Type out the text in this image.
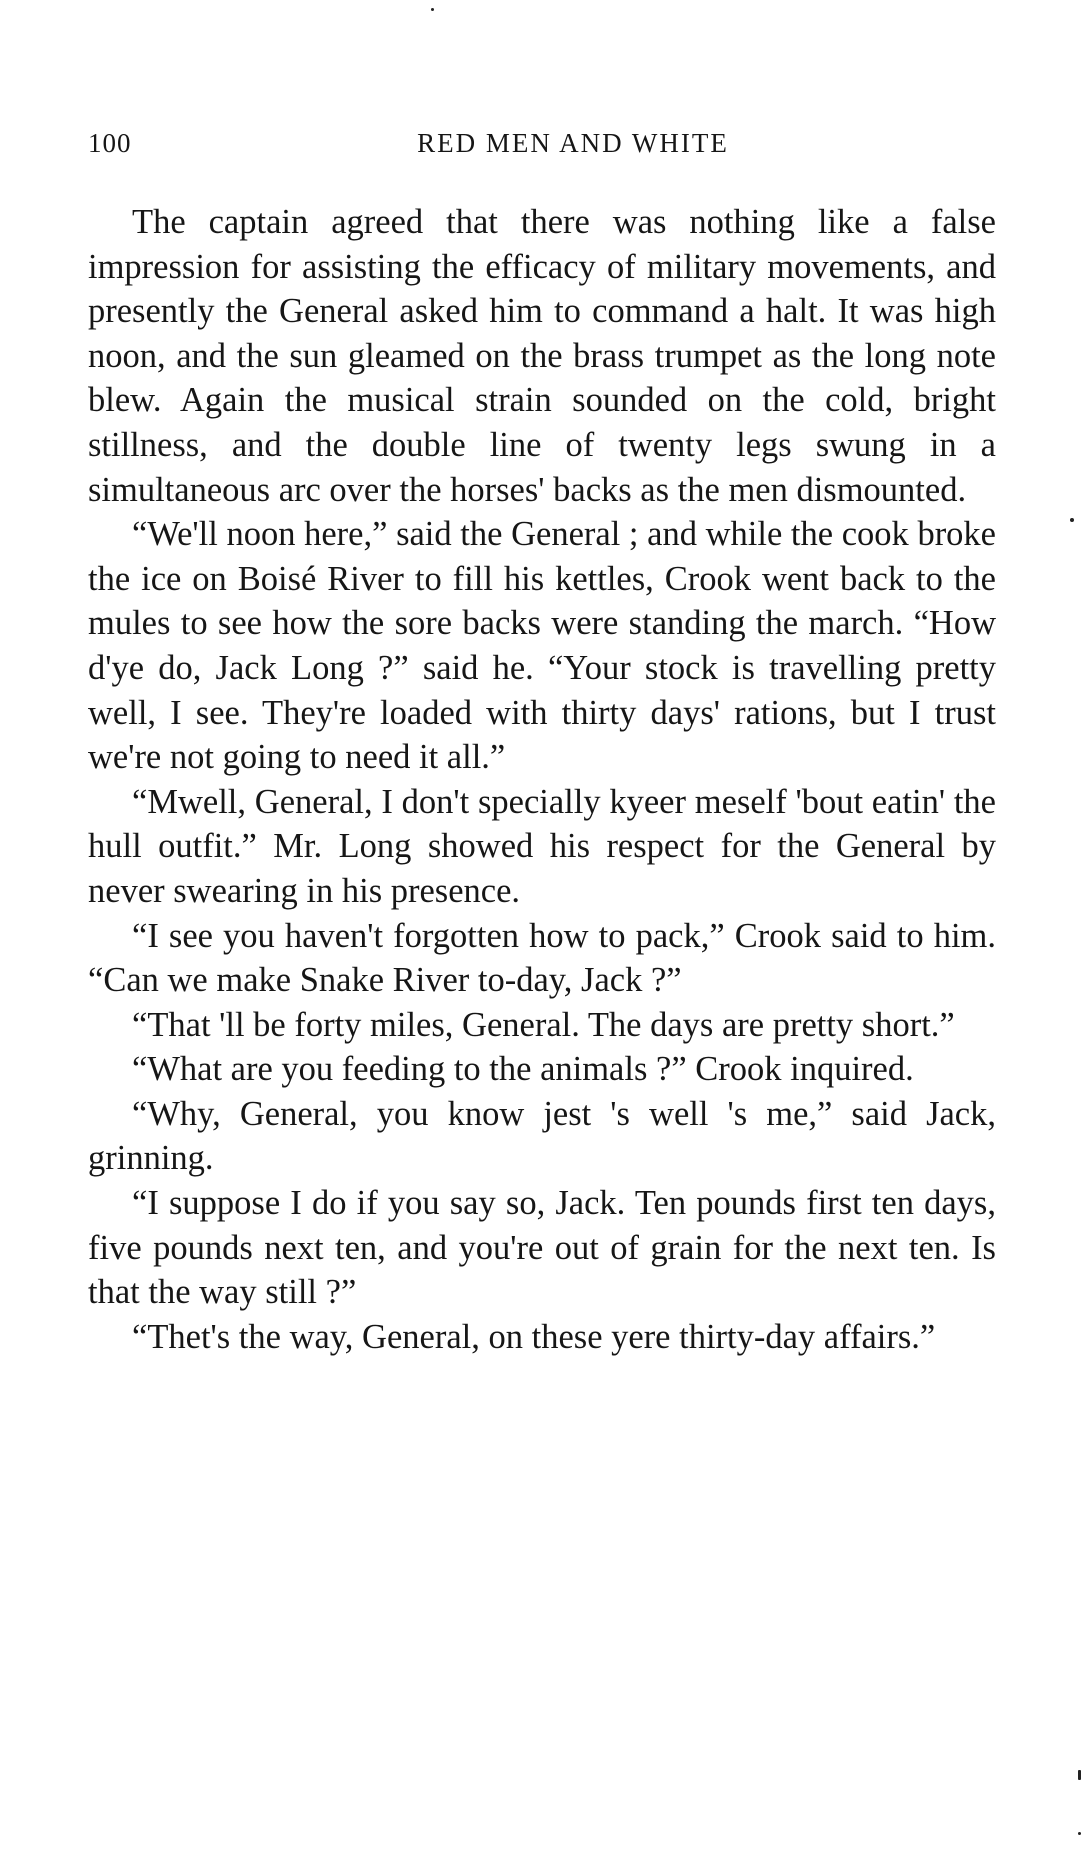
100	RED MEN AND WHITE

The captain agreed that there was nothing like a false impression for assisting the efficacy of military movements, and presently the General asked him to command a halt. It was high noon, and the sun gleamed on the brass trumpet as the long note blew. Again the musical strain sounded on the cold, bright stillness, and the double line of twenty legs swung in a simultaneous arc over the horses' backs as the men dismounted.

“We'll noon here,” said the General ; and while the cook broke the ice on Boisé River to fill his kettles, Crook went back to the mules to see how the sore backs were standing the march. “How d'ye do, Jack Long ?” said he. “Your stock is travelling pretty well, I see. They're loaded with thirty days' rations, but I trust we're not going to need it all.”

“Mwell, General, I don't specially kyeer meself 'bout eatin' the hull outfit.” Mr. Long showed his respect for the General by never swearing in his presence.

“I see you haven't forgotten how to pack,” Crook said to him. “Can we make Snake River to-day, Jack ?”

“That 'll be forty miles, General. The days are pretty short.”

“What are you feeding to the animals ?” Crook inquired.

“Why, General, you know jest 's well 's me,” said Jack, grinning.

“I suppose I do if you say so, Jack. Ten pounds first ten days, five pounds next ten, and you're out of grain for the next ten. Is that the way still ?”

“Thet's the way, General, on these yere thirty-day affairs.”
